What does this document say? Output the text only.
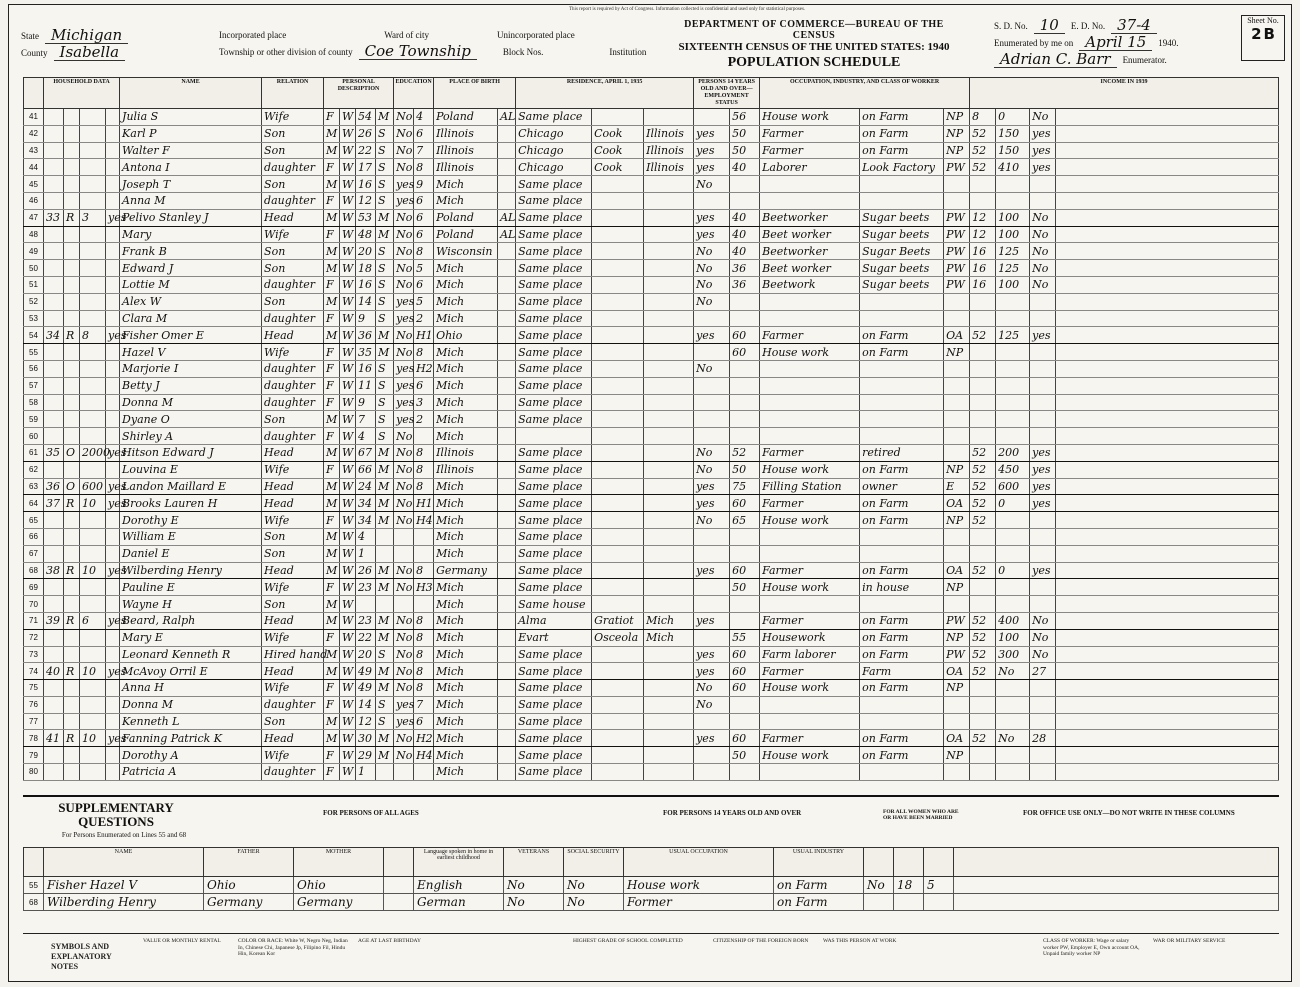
This report is required by Act of Congress. Information collected is confidential and used only for statistical purposes.
State Michigan
County Isabella
Incorporated place	Ward of city	Unincorporated place
Township or other division of county Coe Township	Block Nos.	Institution
DEPARTMENT OF COMMERCE—BUREAU OF THE CENSUS
SIXTEENTH CENSUS OF THE UNITED STATES: 1940
POPULATION SCHEDULE
S. D. No. 10	E. D. No. 37-4
Enumerated by me on April 15	1940.
Adrian C. Barr	Enumerator.
Sheet No.
2 B
	HOUSEHOLD DATA				NAME	RELATION	PERSONAL DESCRIPTION				EDUCATION		PLACE OF BIRTH		RESIDENCE, APRIL 1, 1935			PERSONS 14 YEARS OLD AND OVER—EMPLOYMENT STATUS		OCCUPATION, INDUSTRY, AND CLASS OF WORKER			INCOME IN 1939			
41					Julia S	Wife	F	W	54	M	No	4	Poland	AL	Same place				56	House work	on Farm	NP	8	0	No	
42					Karl P	Son	M	W	26	S	No	6	Illinois		Chicago	Cook	Illinois	yes	50	Farmer	on Farm	NP	52	150	yes	
43					Walter F	Son	M	W	22	S	No	7	Illinois		Chicago	Cook	Illinois	yes	50	Farmer	on Farm	NP	52	150	yes	
44					Antona I	daughter	F	W	17	S	No	8	Illinois		Chicago	Cook	Illinois	yes	40	Laborer	Look Factory	PW	52	410	yes	
45					Joseph T	Son	M	W	16	S	yes	9	Mich		Same place			No								
46					Anna M	daughter	F	W	12	S	yes	6	Mich		Same place											
47	33	R	3	yes	Pelivo Stanley J	Head	M	W	53	M	No	6	Poland	AL	Same place			yes	40	Beetworker	Sugar beets	PW	12	100	No	
48					Mary	Wife	F	W	48	M	No	6	Poland	AL	Same place			yes	40	Beet worker	Sugar beets	PW	12	100	No	
49					Frank B	Son	M	W	20	S	No	8	Wisconsin		Same place			No	40	Beetworker	Sugar Beets	PW	16	125	No	
50					Edward J	Son	M	W	18	S	No	5	Mich		Same place			No	36	Beet worker	Sugar beets	PW	16	125	No	
51					Lottie M	daughter	F	W	16	S	No	6	Mich		Same place			No	36	Beetwork	Sugar beets	PW	16	100	No	
52					Alex W	Son	M	W	14	S	yes	5	Mich		Same place			No								
53					Clara M	daughter	F	W	9	S	yes	2	Mich		Same place											
54	34	R	8	yes	Fisher Omer E	Head	M	W	36	M	No	H1	Ohio		Same place			yes	60	Farmer	on Farm	OA	52	125	yes	
55					Hazel V	Wife	F	W	35	M	No	8	Mich		Same place				60	House work	on Farm	NP				
56					Marjorie I	daughter	F	W	16	S	yes	H2	Mich		Same place			No								
57					Betty J	daughter	F	W	11	S	yes	6	Mich		Same place											
58					Donna M	daughter	F	W	9	S	yes	3	Mich		Same place											
59					Dyane O	Son	M	W	7	S	yes	2	Mich		Same place											
60					Shirley A	daughter	F	W	4	S	No		Mich													
61	35	O	2000	yes	Hitson Edward J	Head	M	W	67	M	No	8	Illinois		Same place			No	52	Farmer	retired		52	200	yes	
62					Louvina E	Wife	F	W	66	M	No	8	Illinois		Same place			No	50	House work	on Farm	NP	52	450	yes	
63	36	O	600	yes	Landon Maillard E	Head	M	W	24	M	No	8	Mich		Same place			yes	75	Filling Station	owner	E	52	600	yes	
64	37	R	10	yes	Brooks Lauren H	Head	M	W	34	M	No	H1	Mich		Same place			yes	60	Farmer	on Farm	OA	52	0	yes	
65					Dorothy E	Wife	F	W	34	M	No	H4	Mich		Same place			No	65	House work	on Farm	NP	52			
66					William E	Son	M	W	4				Mich		Same place											
67					Daniel E	Son	M	W	1				Mich		Same place											
68	38	R	10	yes	Wilberding Henry	Head	M	W	26	M	No	8	Germany		Same place			yes	60	Farmer	on Farm	OA	52	0	yes	
69					Pauline E	Wife	F	W	23	M	No	H3	Mich		Same place				50	House work	in house	NP				
70					Wayne H	Son	M	W					Mich		Same house											
71	39	R	6	yes	Beard, Ralph	Head	M	W	23	M	No	8	Mich		Alma	Gratiot	Mich	yes		Farmer	on Farm	PW	52	400	No	
72					Mary E	Wife	F	W	22	M	No	8	Mich		Evart	Osceola	Mich		55	Housework	on Farm	NP	52	100	No	
73					Leonard Kenneth R	Hired hand	M	W	20	S	No	8	Mich		Same place			yes	60	Farm laborer	on Farm	PW	52	300	No	
74	40	R	10	yes	McAvoy Orril E	Head	M	W	49	M	No	8	Mich		Same place			yes	60	Farmer	Farm	OA	52	No	27	
75					Anna H	Wife	F	W	49	M	No	8	Mich		Same place			No	60	House work	on Farm	NP				
76					Donna M	daughter	F	W	14	S	yes	7	Mich		Same place			No								
77					Kenneth L	Son	M	W	12	S	yes	6	Mich		Same place											
78	41	R	10	yes	Fanning Patrick K	Head	M	W	30	M	No	H2	Mich		Same place			yes	60	Farmer	on Farm	OA	52	No	28	
79					Dorothy A	Wife	F	W	29	M	No	H4	Mich		Same place				50	House work	on Farm	NP				
80					Patricia A	daughter	F	W	1				Mich		Same place											
SUPPLEMENTARY QUESTIONS
For Persons Enumerated on Lines 55 and 68
FOR PERSONS OF ALL AGES	FOR PERSONS 14 YEARS OLD AND OVER	FOR ALL WOMEN WHO ARE OR HAVE BEEN MARRIED
FOR OFFICE USE ONLY—DO NOT WRITE IN THESE COLUMNS
	NAME	FATHER	MOTHER		Language spoken in home in earliest childhood	VETERANS	SOCIAL SECURITY	USUAL OCCUPATION	USUAL INDUSTRY				
55	Fisher Hazel V	Ohio	Ohio		English	No	No	House work	on Farm	No	18	5	
68	Wilberding Henry	Germany	Germany		German	No	No	Former	on Farm				
SYMBOLS AND EXPLANATORY NOTES
VALUE OR MONTHLY RENTAL	COLOR OR RACE: White W, Negro Neg, Indian In, Chinese Chi, Japanese Jp, Filipino Fil, Hindu Hin, Korean Kor
AGE AT LAST BIRTHDAY	HIGHEST GRADE OF SCHOOL COMPLETED	CITIZENSHIP OF THE FOREIGN BORN	WAS THIS PERSON AT WORK	CLASS OF WORKER: Wage or salary worker PW, Employer E, Own account OA, Unpaid family worker NP
WAR OR MILITARY SERVICE
